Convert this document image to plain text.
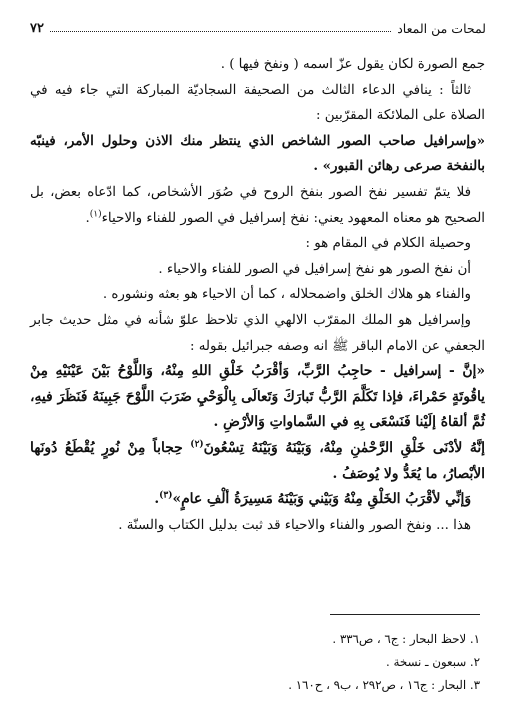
٧٢	لمحات من المعاد

جمع الصورة لكان يقول عزّ اسمه ( ونفخ فيها ) .

ثالثاً : ينافي الدعاء الثالث من الصحيفة السجاديّة المباركة التي جاء فيه في الصلاة على الملائكة المقرّبين :

«وإسرافيل صاحب الصور الشاخص الذي ينتظر منك الاذن وحلول الأمر، فينبّه بالنفخة صرعى رهائن القبور» .

فلا يتمّ تفسير نفخ الصور بنفخ الروح في صُوَر الأشخاص، كما ادّعاه بعض، بل الصحيح هو معناه المعهود يعني: نفخ إسرافيل في الصور للفناء والاحياء$^{(١)}$.

وحصيلة الكلام في المقام هو :

أن نفخ الصور هو نفخ إسرافيل في الصور للفناء والاحياء .

والفناء هو هلاك الخلق واضمحلاله ، كما أن الاحياء هو بعثه ونشوره .

وإسرافيل هو الملك المقرّب الالهي الذي تلاحظ علوّ شأنه في مثل حديث جابر الجعفي عن الامام الباقر ﷺ انه وصفه جبرائيل بقوله :

«إنَّ - إسرافيل - حاجِبُ الرَّبِّ، وَأقْرَبُ خَلْقِ اللهِ مِنْهُ، وَاللَّوْحُ بَيْنَ عَيْنَيْهِ مِنْ ياقُوتَةٍ حَمْراءَ، فإذا تَكَلَّمَ الرَّبُّ تَبارَكَ وَتَعالَى بِالْوَحْيِ ضَرَبَ اللَّوْحَ جَبِينَهُ فَنَظَرَ فيهِ، ثُمَّ ألقاهُ إلَيْنا فَنَسْعَى بِهِ في السَّماواتِ وَالأرْضِ .

إنَّهُ لأدْنَى خَلْقِ الرَّحْمٰنِ مِنْهُ، وَبَيْنَهُ وَبَيْنَهُ تِسْعُونَ$^{(٢)}$ حِجاباً مِنْ نُورٍ يُقْطَعُ دُونَها الأبْصارُ، ما يُعَدُّ ولا يُوصَفُ .

وَإنِّي لأقْرَبُ الخَلْقِ مِنْهُ وَبَيْني وَبَيْنَهُ مَسِيرَةُ ألْفِ عامٍ»$^{(٣)}$.

هذا ... ونفخ الصور والفناء والاحياء قد ثبت بدليل الكتاب والسنّة .

١. لاحظ البحار : ج٦ ، ص٣٣٦ .

٢. سبعون ـ نسخة .

٣. البحار : ج١٦ ، ص٢٩٢ ، ب٩ ، ح١٦٠ .
